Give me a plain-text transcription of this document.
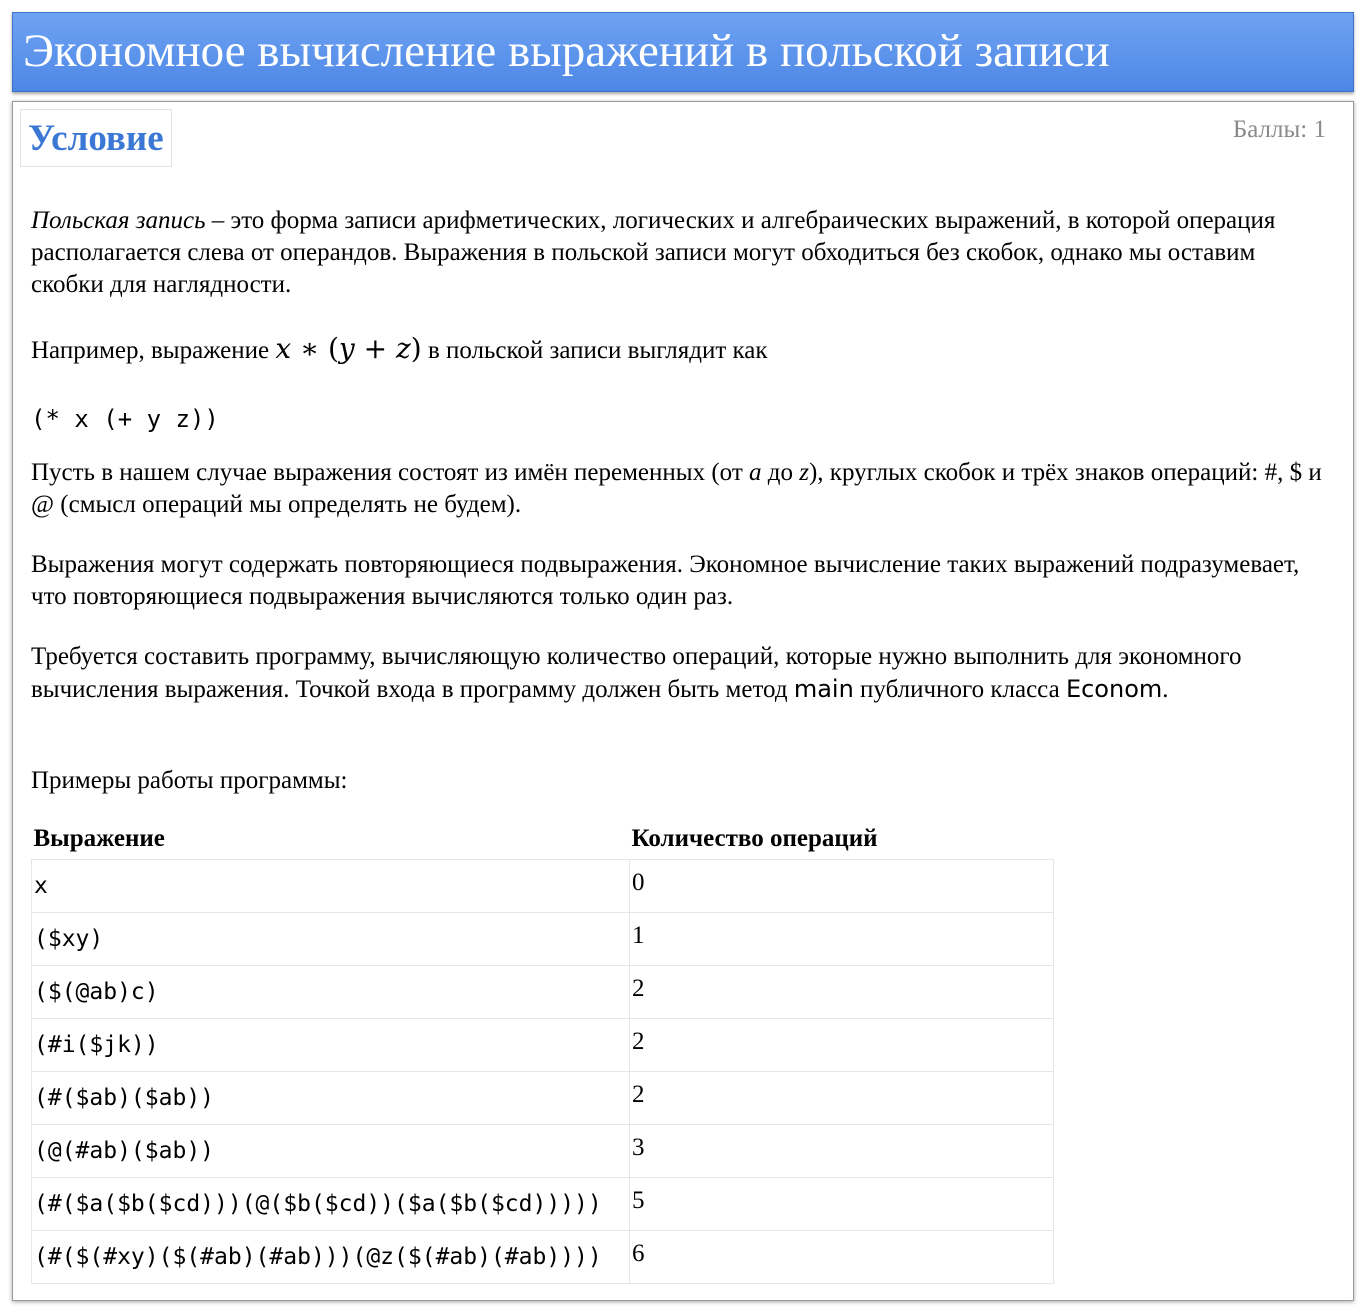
Экономное вычисление выражений в польской записи
Условие	Баллы: 1

Польская запись – это форма записи арифметических, логических и алгебраических выражений, в которой операция располагается слева от операндов. Выражения в польской записи могут обходиться без скобок, однако мы оставим скобки для наглядности.

Например, выражение x ∗ (y + z) в польской записи выглядит как

(* x (+ y z))

Пусть в нашем случае выражения состоят из имён переменных (от a до z), круглых скобок и трёх знаков операций: #, $ и @ (смысл операций мы определять не будем).

Выражения могут содержать повторяющиеся подвыражения. Экономное вычисление таких выражений подразумевает, что повторяющиеся подвыражения вычисляются только один раз.

Требуется составить программу, вычисляющую количество операций, которые нужно выполнить для экономного вычисления выражения. Точкой входа в программу должен быть метод main публичного класса Econom.

Примеры работы программы:

Выражение	Количество операций
x	0
($xy)	1
($(@ab)c)	2
(#i($jk))	2
(#($ab)($ab))	2
(@(#ab)($ab))	3
(#($a($b($cd)))(@($b($cd))($a($b($cd)))))	5
(#($(#xy)($(#ab)(#ab)))(@z($(#ab)(#ab))))	6
